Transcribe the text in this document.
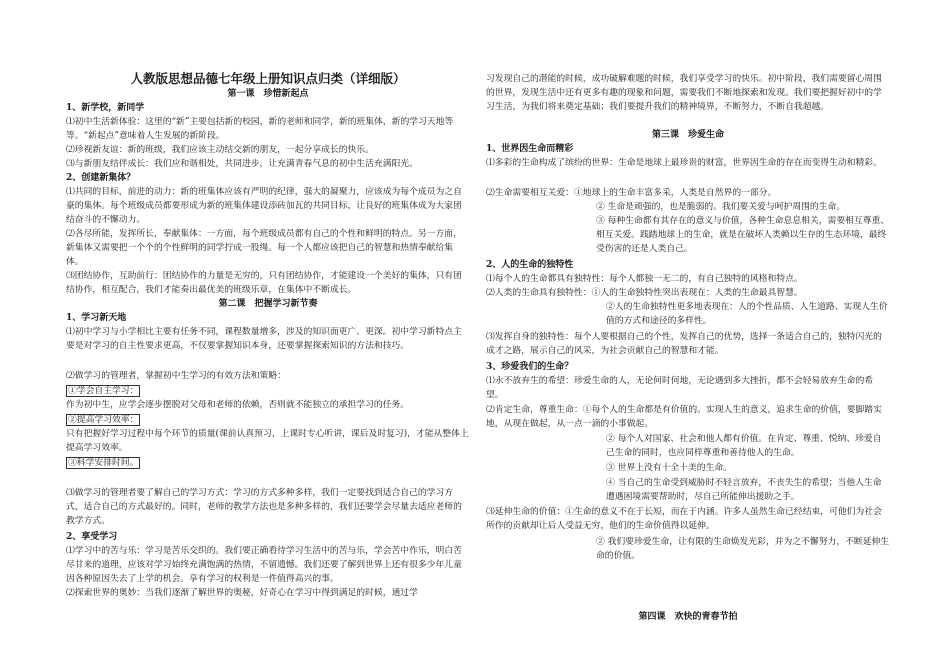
人教版思想品德七年级上册知识点归类（详细版）
第一课　珍惜新起点
1、新学校，新同学

⑴初中生活新体验：这里的“新”主要包括新的校园，新的老师和同学，新的班集体，新的学习天地等等。“新起点”意味着人生发展的新阶段。

⑵珍视新友谊：新的班级，我们应该主动结交新的朋友，一起分享成长的快乐。

⑶与新朋友结伴成长：我们应和谐相处，共同进步，让充满青春气息的初中生活充满阳光。

2、创建新集体？

⑴共同的目标，前进的动力：新的班集体应该有严明的纪律，强大的凝聚力，应该成为每个成员为之自豪的集体。每个班级成员都要形成为新的班集体建设添砖加瓦的共同目标，让良好的班集体成为大家团结奋斗的不懈动力。

⑵各尽所能，发挥所长，奉献集体：一方面，每个班级成员都有自己的个性和鲜明的特点。另一方面，新集体又需要把一个个的个性鲜明的同学拧成一股绳。每一个人都应该把自己的智慧和热情奉献给集体。

⑶团结协作，互助前行：团结协作的力量是无穷的，只有团结协作，才能建设一个美好的集体，只有团结协作，相互配合，我们才能奏出最优美的班级乐章，在集体中不断成长。

第二课　把握学习新节奏
1、学习新天地

⑴初中学习与小学相比主要有任务不同，课程数量增多，涉及的知识面更广、更深。初中学习新特点主要是对学习的自主性要求更高，不仅要掌握知识本身，还要掌握探索知识的方法和技巧。

⑵做学习的管理者，掌握初中生学习的有效方法和策略：

①学会自主学习：

作为初中生，应学会逐步摆脱对父母和老师的依赖，否则就不能独立的承担学习的任务。

②提高学习效率：

只有把握好学习过程中每个环节的质量(课前认真预习，上课时专心听讲，课后及时复习)，才能从整体上提高学习效率。

③科学安排时间。

⑶做学习的管理者要了解自己的学习方式：学习的方式多种多样，我们一定要找到适合自己的学习方式，适合自己的方式最好的。同时，老师的教学方法也是多种多样的，我们还要学会尽量去适应老师的教学方式。

2、享受学习

⑴学习中的苦与乐：学习是苦乐交织的。我们要正确看待学习生活中的苦与乐，学会苦中作乐，明白苦尽甘来的道理，应该对学习始终充满饱满的热情，不留遗憾。我们还要了解到世界上还有很多少年儿童因各种原因失去了上学的机会。享有学习的权利是一件值得高兴的事。

⑵探索世界的奥妙：当我们逐渐了解世界的奥秘，好奇心在学习中得到满足的时候，通过学

习发现自己的潜能的时候，成功破解难题的时候，我们享受学习的快乐。初中阶段，我们需要留心周围的世界，发现生活中还有更多有趣的现象和问题，需要我们不断地探索和发现。我们要把握好初中的学习生活，为我们将来奠定基础；我们要提升我们的精神境界，不断努力，不断自我超越。

第三课　珍爱生命
1、世界因生命而精彩

⑴多彩的生命构成了缤纷的世界：生命是地球上最珍贵的财富，世界因生命的存在而变得生动和精彩。

⑵生命需要相互关爱：①地球上的生命丰富多采，人类是自然界的一部分。

② 生命是顽强的，也是脆弱的。我们要关爱与呵护周围的生命。

③ 每种生命都有其存在的意义与价值，各种生命息息相关，需要相互尊重、相互关爱。践踏地球上的生命，就是在破坏人类赖以生存的生态环境，最终受伤害的还是人类自己。

2、人的生命的独特性

⑴每个人的生命都具有独特性：每个人都独一无二的，有自己独特的风格和特点。

⑵人类的生命具有独特性：①人的生命独特性突出表现在：人类的生命最具智慧。

②人的生命独特性更多地表现在：人的个性品质、人生道路、实现人生价值的方式和途径的多样性。

⑶发挥自身的独特性：每个人要根据自己的个性，发挥自己的优势，选择一条适合自己的，独特闪光的成才之路，展示自己的风采，为社会贡献自己的智慧和才能。

3、珍爱我们的生命？

⑴永不放弃生的希望：珍爱生命的人，无论何时何地，无论遇到多大挫折，都不会轻易放弃生命的希望。

⑵肯定生命，尊重生命：①每个人的生命都是有价值的。实现人生的意义，追求生命的价值，要脚踏实地，从现在做起，从一点一滴的小事做起。

② 每个人对国家、社会和他人都有价值。在肯定、尊重、悦纳、珍爱自己生命的同时，也应同样尊重和善待他人的生命。

③ 世界上没有十全十美的生命。

④ 当自己的生命受到威胁时不轻言放弃，不丧失生的希望；当他人生命遭遇困境需要帮助时，尽自己所能伸出援助之手。

⑶延伸生命的价值：①生命的意义不在于长短，而在于内涵。许多人虽然生命已经结束，可他们为社会所作的贡献却让后人受益无穷，他们的生命价值得以延伸。

② 我们要珍爱生命，让有限的生命焕发光彩，并为之不懈努力，不断延伸生命的价值。

第四课　欢快的青春节拍
